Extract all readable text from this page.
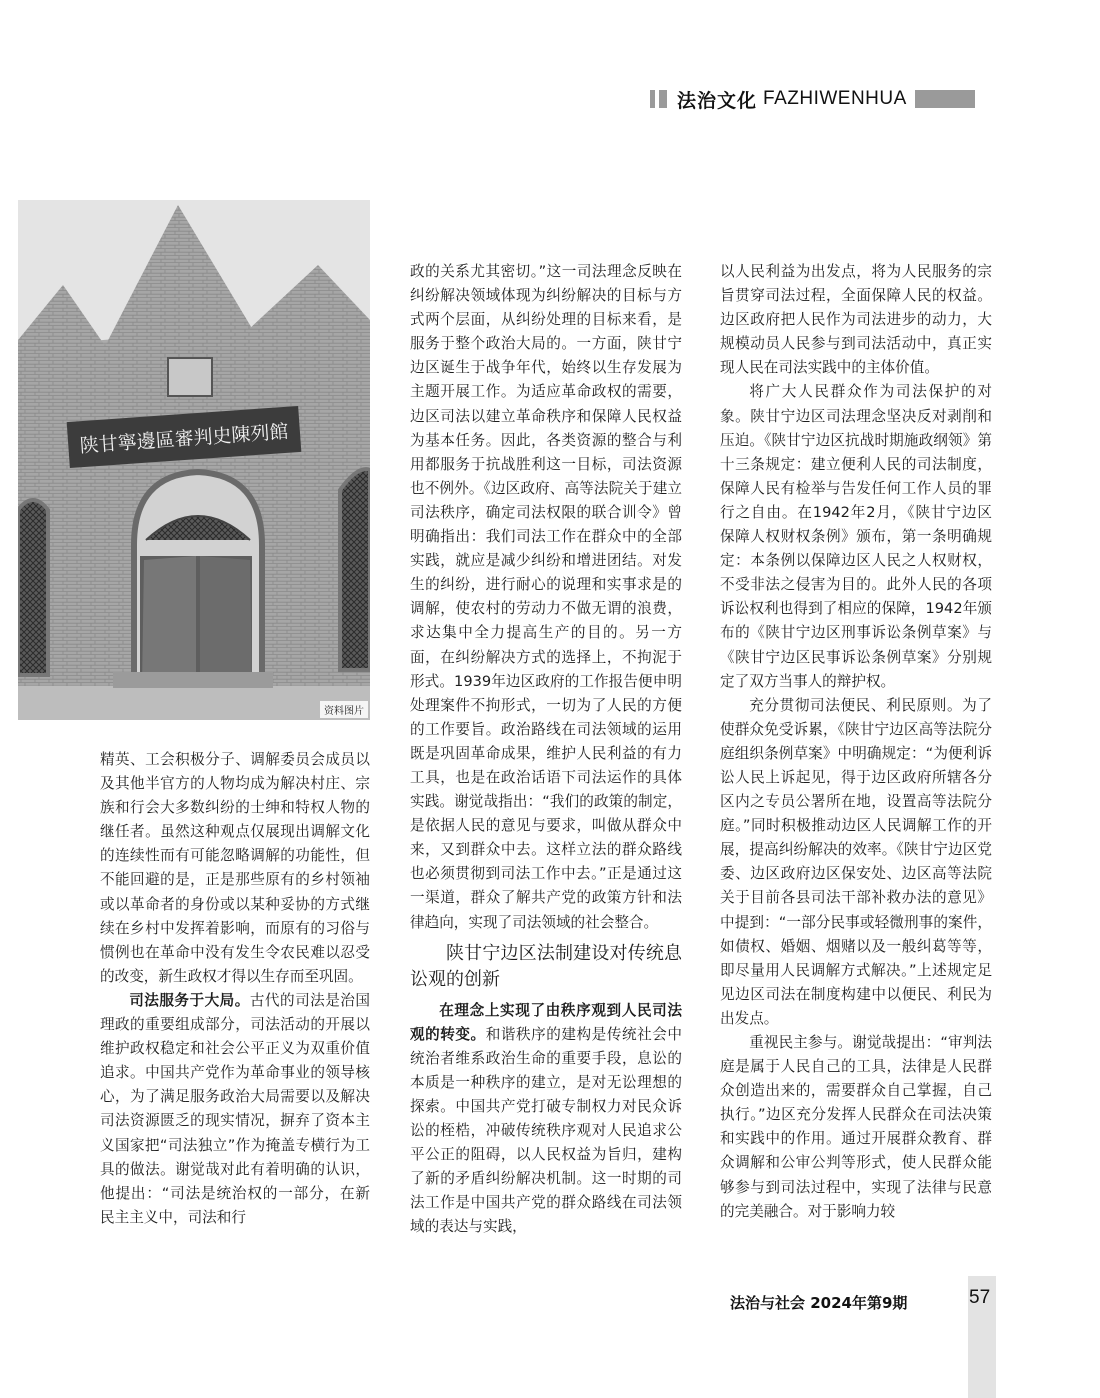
法治文化 FAZHIWENHUA
陕甘寧邊區審判史陳列館
资料图片

精英、工会积极分子、调解委员会成员以及其他半官方的人物均成为解决村庄、宗族和行会大多数纠纷的士绅和特权人物的继任者。虽然这种观点仅展现出调解文化的连续性而有可能忽略调解的功能性，但不能回避的是，正是那些原有的乡村领袖或以革命者的身份或以某种妥协的方式继续在乡村中发挥着影响，而原有的习俗与惯例也在革命中没有发生令农民难以忍受的改变，新生政权才得以生存而至巩固。

司法服务于大局。古代的司法是治国理政的重要组成部分，司法活动的开展以维护政权稳定和社会公平正义为双重价值追求。中国共产党作为革命事业的领导核心，为了满足服务政治大局需要以及解决司法资源匮乏的现实情况，摒弃了资本主义国家把“司法独立”作为掩盖专横行为工具的做法。谢觉哉对此有着明确的认识，他提出：“司法是统治权的一部分，在新民主主义中，司法和行

政的关系尤其密切。”这一司法理念反映在纠纷解决领域体现为纠纷解决的目标与方式两个层面，从纠纷处理的目标来看，是服务于整个政治大局的。一方面，陕甘宁边区诞生于战争年代，始终以生存发展为主题开展工作。为适应革命政权的需要，边区司法以建立革命秩序和保障人民权益为基本任务。因此，各类资源的整合与利用都服务于抗战胜利这一目标，司法资源也不例外。《边区政府、高等法院关于建立司法秩序，确定司法权限的联合训令》曾明确指出：我们司法工作在群众中的全部实践，就应是减少纠纷和增进团结。对发生的纠纷，进行耐心的说理和实事求是的调解，使农村的劳动力不做无谓的浪费，求达集中全力提高生产的目的。另一方面，在纠纷解决方式的选择上，不拘泥于形式。1939年边区政府的工作报告便申明处理案件不拘形式，一切为了人民的方便的工作要旨。政治路线在司法领域的运用既是巩固革命成果，维护人民利益的有力工具，也是在政治话语下司法运作的具体实践。谢觉哉指出：“我们的政策的制定，是依据人民的意见与要求，叫做从群众中来，又到群众中去。这样立法的群众路线也必须贯彻到司法工作中去。”正是通过这一渠道，群众了解共产党的政策方针和法律趋向，实现了司法领域的社会整合。

陕甘宁边区法制建设对传统息讼观的创新

在理念上实现了由秩序观到人民司法观的转变。和谐秩序的建构是传统社会中统治者维系政治生命的重要手段，息讼的本质是一种秩序的建立，是对无讼理想的探索。中国共产党打破专制权力对民众诉讼的桎梏，冲破传统秩序观对人民追求公平公正的阻碍，以人民权益为旨归，建构了新的矛盾纠纷解决机制。这一时期的司法工作是中国共产党的群众路线在司法领域的表达与实践，

以人民利益为出发点，将为人民服务的宗旨贯穿司法过程，全面保障人民的权益。边区政府把人民作为司法进步的动力，大规模动员人民参与到司法活动中，真正实现人民在司法实践中的主体价值。

将广大人民群众作为司法保护的对象。陕甘宁边区司法理念坚决反对剥削和压迫。《陕甘宁边区抗战时期施政纲领》第十三条规定：建立便利人民的司法制度，保障人民有检举与告发任何工作人员的罪行之自由。在1942年2月，《陕甘宁边区保障人权财权条例》颁布，第一条明确规定：本条例以保障边区人民之人权财权，不受非法之侵害为目的。此外人民的各项诉讼权利也得到了相应的保障，1942年颁布的《陕甘宁边区刑事诉讼条例草案》与《陕甘宁边区民事诉讼条例草案》分别规定了双方当事人的辩护权。

充分贯彻司法便民、利民原则。为了使群众免受诉累，《陕甘宁边区高等法院分庭组织条例草案》中明确规定：“为便利诉讼人民上诉起见，得于边区政府所辖各分区内之专员公署所在地，设置高等法院分庭。”同时积极推动边区人民调解工作的开展，提高纠纷解决的效率。《陕甘宁边区党委、边区政府边区保安处、边区高等法院关于目前各县司法干部补救办法的意见》中提到：“一部分民事或轻微刑事的案件，如债权、婚姻、烟赌以及一般纠葛等等，即尽量用人民调解方式解决。”上述规定足见边区司法在制度构建中以便民、利民为出发点。

重视民主参与。谢觉哉提出：“审判法庭是属于人民自己的工具，法律是人民群众创造出来的，需要群众自己掌握，自己执行。”边区充分发挥人民群众在司法决策和实践中的作用。通过开展群众教育、群众调解和公审公判等形式，使人民群众能够参与到司法过程中，实现了法律与民意的完美融合。对于影响力较

法治与社会 2024年第9期	57
